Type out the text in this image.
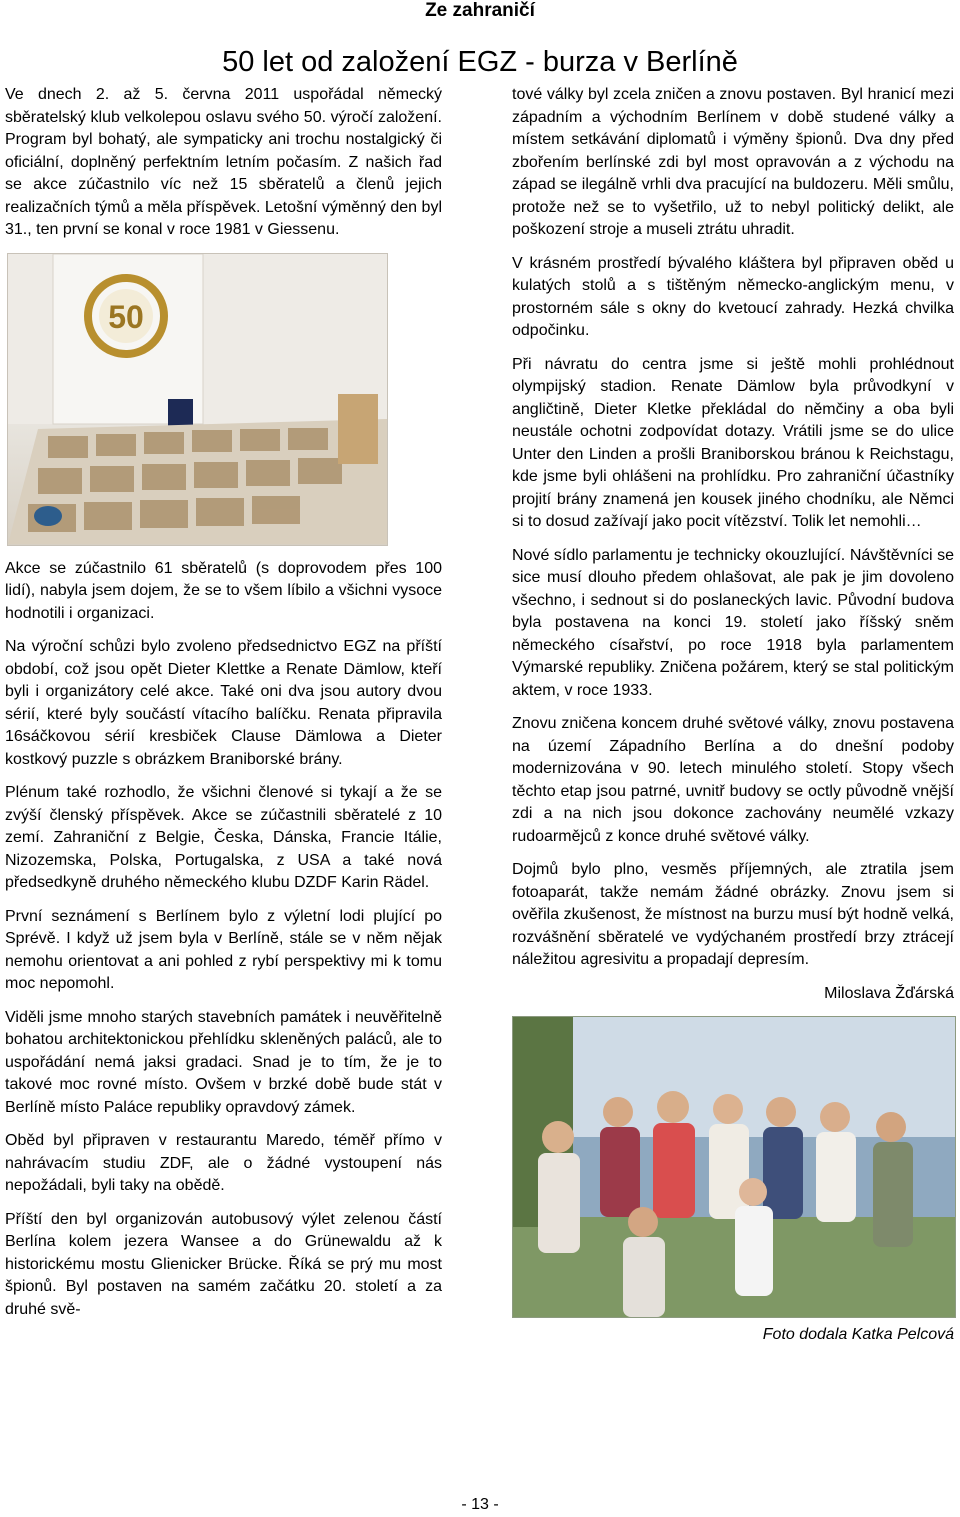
Ze zahraničí
50 let od založení EGZ - burza v Berlíně

Ve dnech 2. až 5. června 2011 uspořádal německý sběratelský klub velkolepou oslavu svého 50. výročí založení. Program byl bohatý, ale sympaticky ani trochu nostalgický či oficiální, doplněný perfektním letním počasím. Z našich řad se akce zúčastnilo víc než 15 sběratelů a členů jejich realizačních týmů a měla příspěvek. Letošní výměnný den byl 31., ten první se konal v roce 1981 v Giessenu.

50

Akce se zúčastnilo 61 sběratelů (s doprovodem přes 100 lidí), nabyla jsem dojem, že se to všem líbilo a všichni vysoce hodnotili i organizaci.

Na výroční schůzi bylo zvoleno předsednictvo EGZ na příští období, což jsou opět Dieter Klettke a Renate Dämlow, kteří byli i organizátory celé akce. Také oni dva jsou autory dvou sérií, které byly součástí vítacího balíčku. Renata připravila 16sáčkovou sérií kresbiček Clause Dämlowa a Dieter kostkový puzzle s obrázkem Braniborské brány.

Plénum také rozhodlo, že všichni členové si tykají a že se zvýší členský příspěvek. Akce se zúčastnili sběratelé z 10 zemí. Zahraniční z Belgie, Česka, Dánska, Francie Itálie, Nizozemska, Polska, Portugalska, z USA a také nová předsedkyně druhého německého klubu DZDF Karin Rädel.

První seznámení s Berlínem bylo z výletní lodi plující po Sprévě. I když už jsem byla v Berlíně, stále se v něm nějak nemohu orientovat a ani pohled z rybí perspektivy mi k tomu moc nepomohl.

Viděli jsme mnoho starých stavebních památek i neuvěřitelně bohatou architektonickou přehlídku skleněných paláců, ale to uspořádání nemá jaksi gradaci. Snad je to tím, že je to takové moc rovné místo. Ovšem v brzké době bude stát v Berlíně místo Paláce republiky opravdový zámek.

Oběd byl připraven v restaurantu Maredo, téměř přímo v nahrávacím studiu ZDF, ale o žádné vystoupení nás nepožádali, byli taky na obědě.

Příští den byl organizován autobusový výlet zelenou částí Berlína kolem jezera Wansee a do Grünewaldu až k historickému mostu Glienicker Brücke. Říká se prý mu most špionů. Byl postaven na samém začátku 20. století a za druhé svě-

tové války byl zcela zničen a znovu postaven. Byl hranicí mezi západním a východním Berlínem v době studené války a místem setkávání diplomatů i výměny špionů. Dva dny před zbořením berlínské zdi byl most opravován a z východu na západ se ilegálně vrhli dva pracující na buldozeru. Měli smůlu, protože než se to vyšetřilo, už to nebyl politický delikt, ale poškození stroje a museli ztrátu uhradit.

V krásném prostředí bývalého kláštera byl připraven oběd u kulatých stolů a s tištěným německo-anglickým menu, v prostorném sále s okny do kvetoucí zahrady. Hezká chvilka odpočinku.

Při návratu do centra jsme si ještě mohli prohlédnout olympijský stadion. Renate Dämlow byla průvodkyní v angličtině, Dieter Kletke překládal do němčiny a oba byli neustále ochotni zodpovídat dotazy. Vrátili jsme se do ulice Unter den Linden a prošli Braniborskou bránou k Reichstagu, kde jsme byli ohlášeni na prohlídku. Pro zahraniční účastníky projití brány znamená jen kousek jiného chodníku, ale Němci si to dosud zažívají jako pocit vítězství. Tolik let nemohli…

Nové sídlo parlamentu je technicky okouzlující. Návštěvníci se sice musí dlouho předem ohlašovat, ale pak je jim dovoleno všechno, i sednout si do poslaneckých lavic. Původní budova byla postavena na konci 19. století jako říšský sněm německého císařství, po roce 1918 byla parlamentem Výmarské republiky. Zničena požárem, který se stal politickým aktem, v roce 1933.

Znovu zničena koncem druhé světové války, znovu postavena na území Západního Berlína a do dnešní podoby modernizována v 90. letech minulého století. Stopy všech těchto etap jsou patrné, uvnitř budovy se octly původně vnější zdi a na nich jsou dokonce zachovány neumělé vzkazy rudoarmějců z konce druhé světové války.

Dojmů bylo plno, vesměs příjemných, ale ztratila jsem fotoaparát, takže nemám žádné obrázky. Znovu jsem si ověřila zkušenost, že místnost na burzu musí být hodně velká, rozvášnění sběratelé ve vydýchaném prostředí brzy ztrácejí náležitou agresivitu a propadají depresím.

Miloslava Žďárská

Foto dodala Katka Pelcová

- 13 -
